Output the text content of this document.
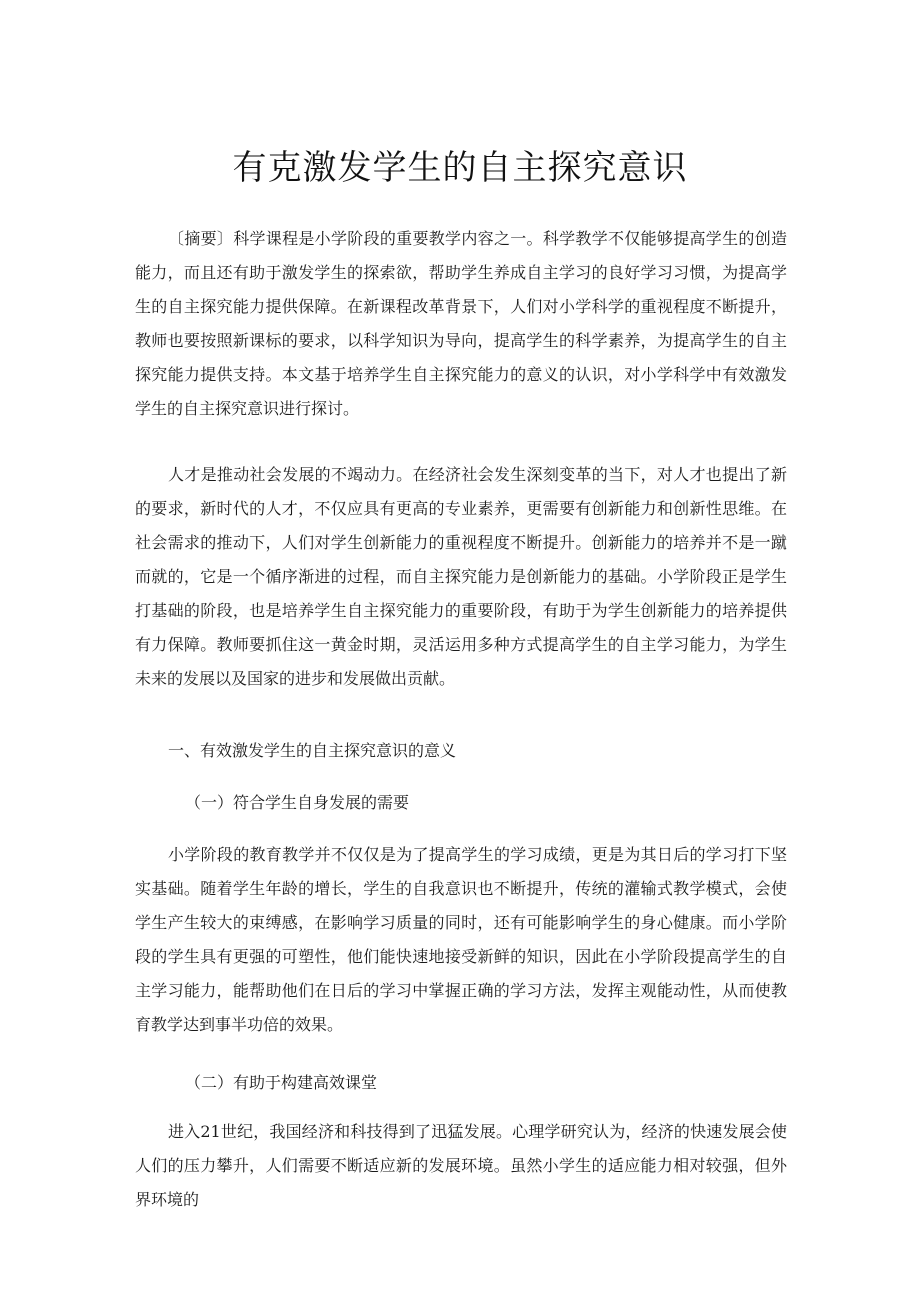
有克激发学生的自主探究意识

〔摘要〕科学课程是小学阶段的重要教学内容之一。科学教学不仅能够提高学生的创造能力，而且还有助于激发学生的探索欲，帮助学生养成自主学习的良好学习习惯，为提高学生的自主探究能力提供保障。在新课程改革背景下，人们对小学科学的重视程度不断提升，教师也要按照新课标的要求，以科学知识为导向，提高学生的科学素养，为提高学生的自主探究能力提供支持。本文基于培养学生自主探究能力的意义的认识，对小学科学中有效激发学生的自主探究意识进行探讨。

人才是推动社会发展的不竭动力。在经济社会发生深刻变革的当下，对人才也提出了新的要求，新时代的人才，不仅应具有更高的专业素养，更需要有创新能力和创新性思维。在社会需求的推动下，人们对学生创新能力的重视程度不断提升。创新能力的培养并不是一蹴而就的，它是一个循序渐进的过程，而自主探究能力是创新能力的基础。小学阶段正是学生打基础的阶段，也是培养学生自主探究能力的重要阶段，有助于为学生创新能力的培养提供有力保障。教师要抓住这一黄金时期，灵活运用多种方式提高学生的自主学习能力，为学生未来的发展以及国家的进步和发展做出贡献。

一、有效激发学生的自主探究意识的意义
（一）符合学生自身发展的需要

小学阶段的教育教学并不仅仅是为了提高学生的学习成绩，更是为其日后的学习打下坚实基础。随着学生年龄的增长，学生的自我意识也不断提升，传统的灌输式教学模式，会使学生产生较大的束缚感，在影响学习质量的同时，还有可能影响学生的身心健康。而小学阶段的学生具有更强的可塑性，他们能快速地接受新鲜的知识，因此在小学阶段提高学生的自主学习能力，能帮助他们在日后的学习中掌握正确的学习方法，发挥主观能动性，从而使教育教学达到事半功倍的效果。

（二）有助于构建高效课堂

进入21世纪，我国经济和科技得到了迅猛发展。心理学研究认为，经济的快速发展会使人们的压力攀升，人们需要不断适应新的发展环境。虽然小学生的适应能力相对较强，但外界环境的
